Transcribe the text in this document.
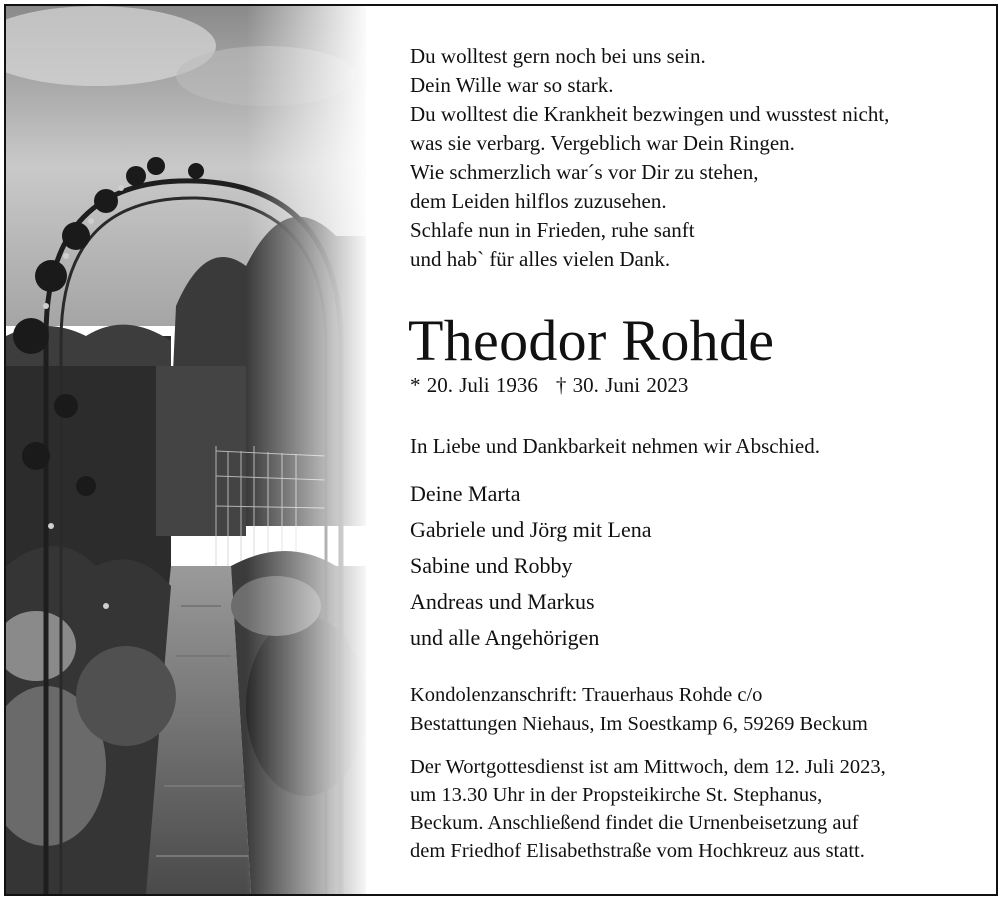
Du wolltest gern noch bei uns sein.
Dein Wille war so stark.
Du wolltest die Krankheit bezwingen und wusstest nicht,
was sie verbarg. Vergeblich war Dein Ringen.
Wie schmerzlich war´s vor Dir zu stehen,
dem Leiden hilflos zuzusehen.
Schlafe nun in Frieden, ruhe sanft
und hab` für alles vielen Dank.
Theodor Rohde
* 20. Juli 1936 † 30. Juni 2023
In Liebe und Dankbarkeit nehmen wir Abschied.
Deine Marta
Gabriele und Jörg mit Lena
Sabine und Robby
Andreas und Markus
und alle Angehörigen
Kondolenzanschrift: Trauerhaus Rohde c/o
Bestattungen Niehaus, Im Soestkamp 6, 59269 Beckum
Der Wortgottesdienst ist am Mittwoch, dem 12. Juli 2023,
um 13.30 Uhr in der Propsteikirche St. Stephanus,
Beckum. Anschließend findet die Urnenbeisetzung auf
dem Friedhof Elisabethstraße vom Hochkreuz aus statt.
